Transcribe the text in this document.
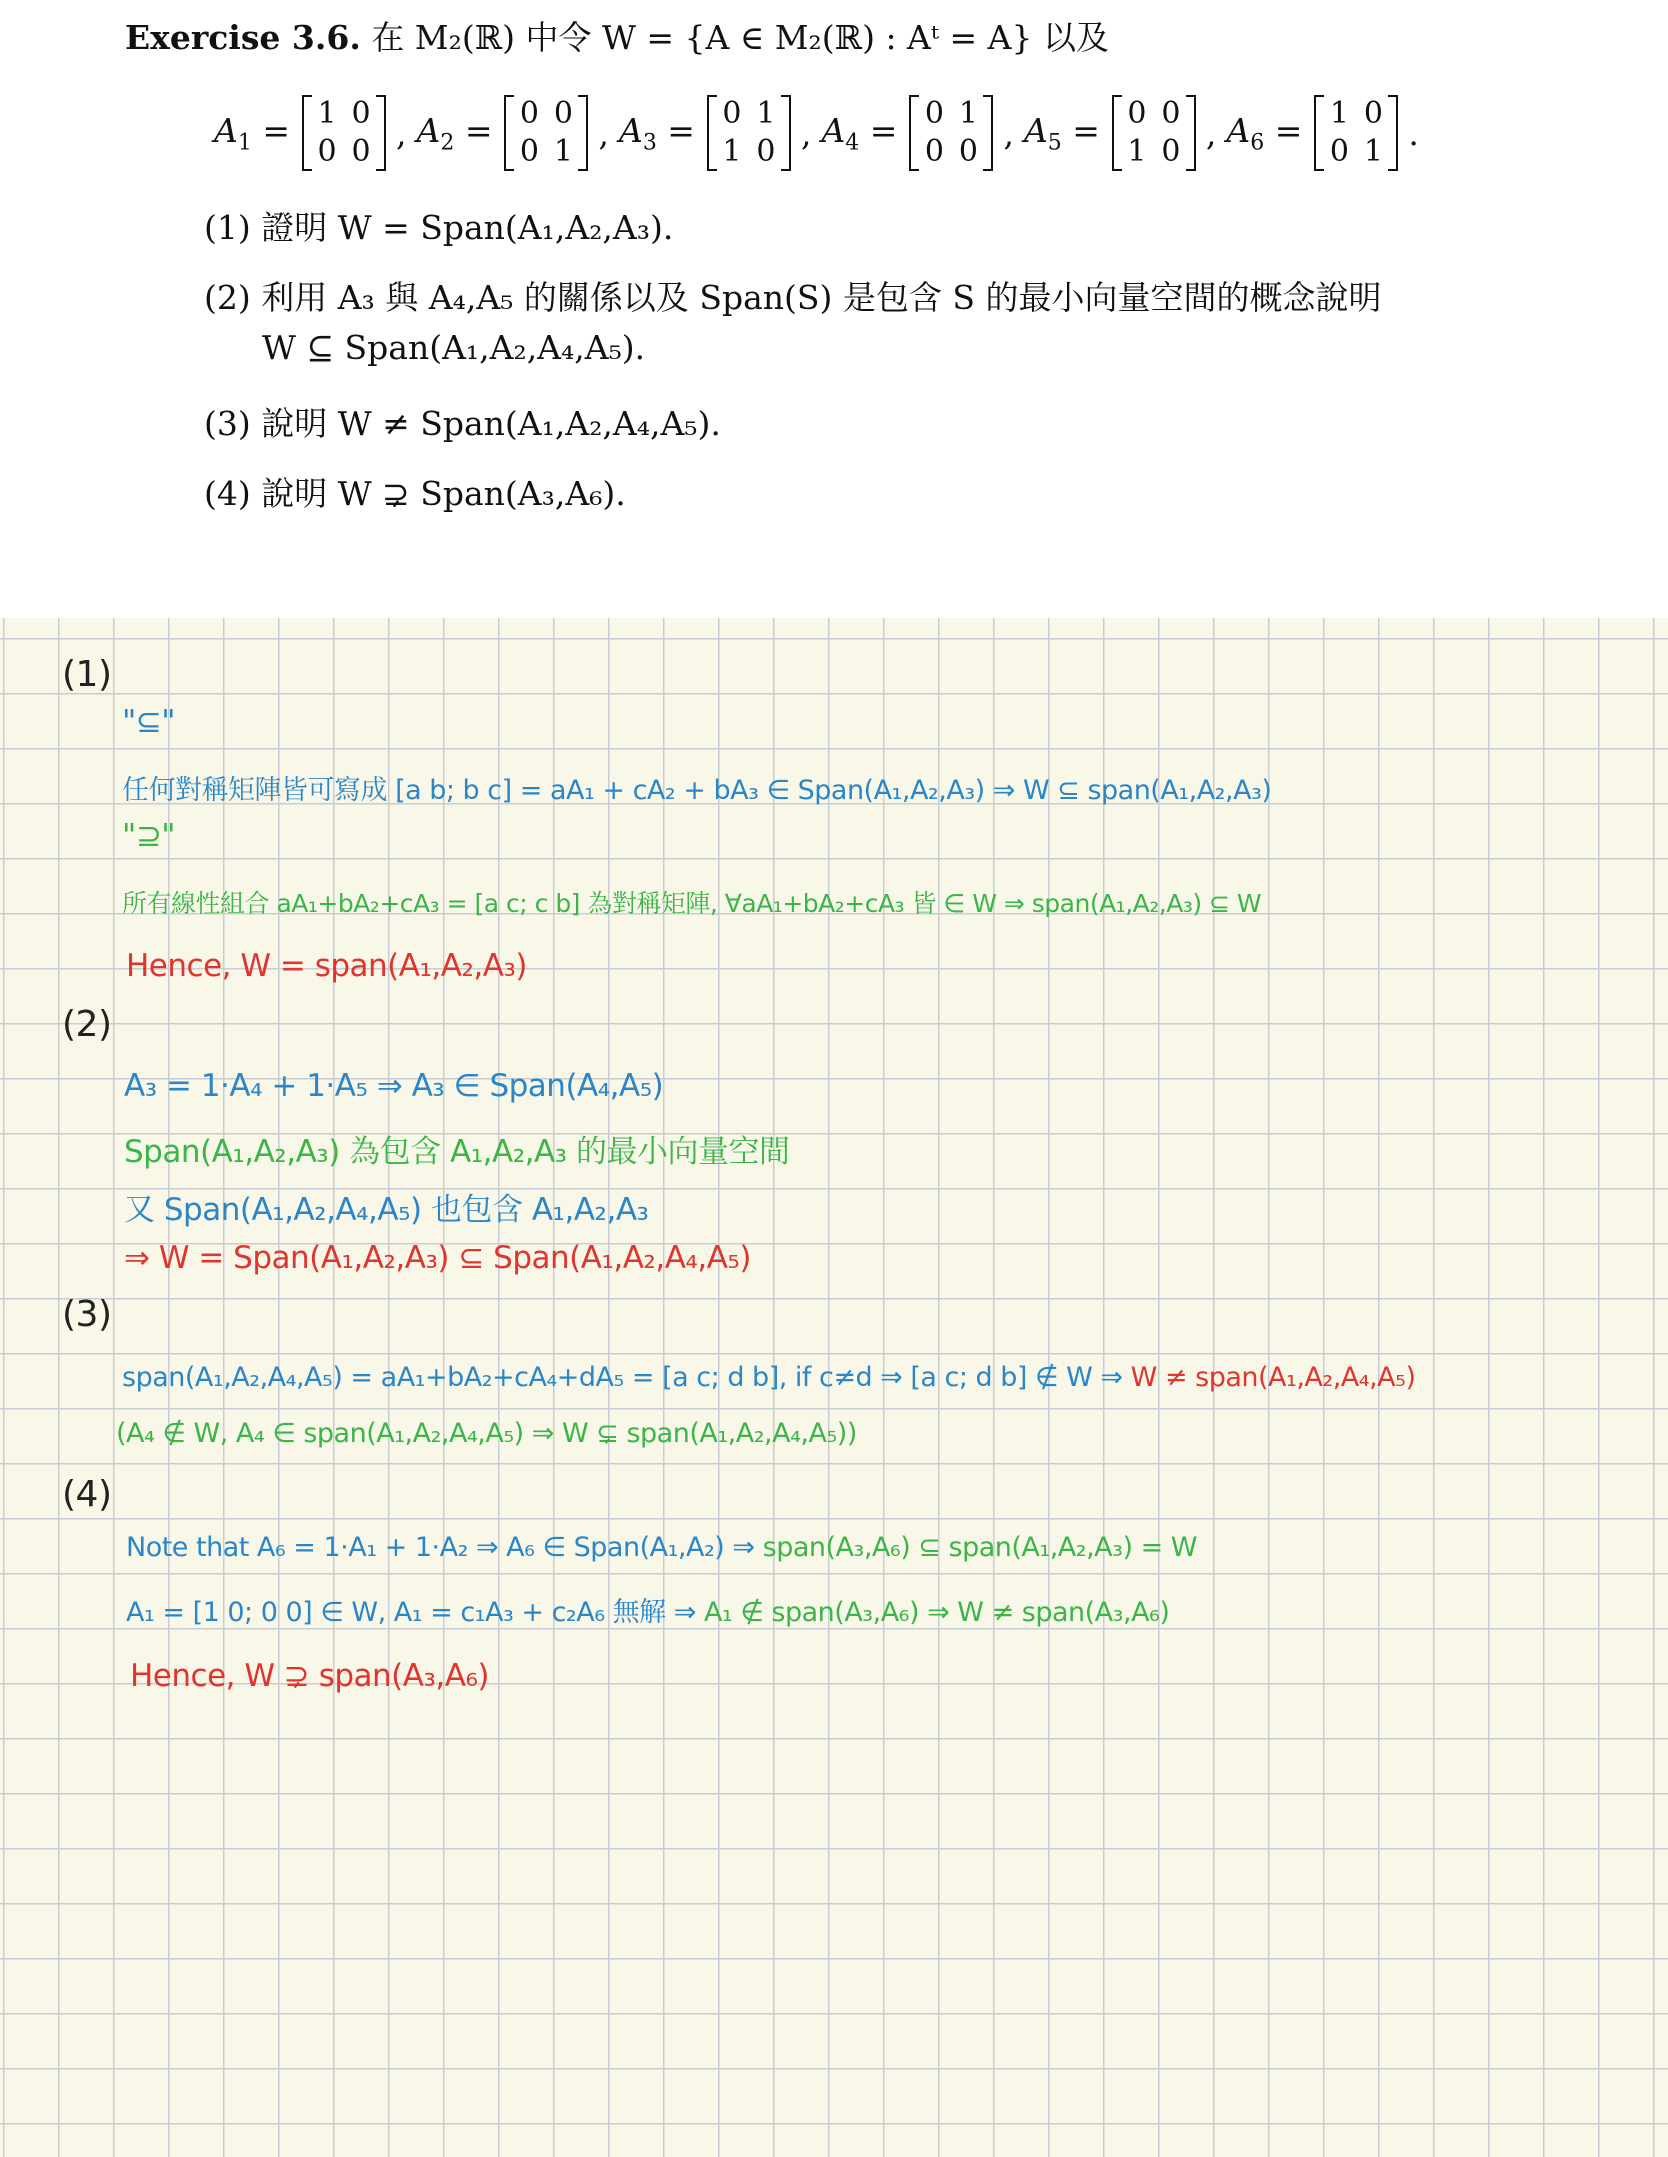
Exercise 3.6. 在 M₂(ℝ) 中令 W = {A ∈ M₂(ℝ) : Aᵗ = A} 以及
$A_1 = 1$ 0
0 0 , $A_2 = 0$ 0
0 1 , $A_3 = 0$ 1
1 0 , $A_4 = 0$ 1
0 0 , $A_5 = 0$ 0
1 0 , $A_6 = 1$ 0
0 1 .
(1) 證明 W = Span(A₁,A₂,A₃).
(2) 利用 A₃ 與 A₄,A₅ 的關係以及 Span(S) 是包含 S 的最小向量空間的概念說明
W ⊆ Span(A₁,A₂,A₄,A₅).
(3) 說明 W ≠ Span(A₁,A₂,A₄,A₅).
(4) 說明 W ⊋ Span(A₃,A₆).
(1)
"⊆"
任何對稱矩陣皆可寫成 [a b; b c] = aA₁ + cA₂ + bA₃ ∈ Span(A₁,A₂,A₃) ⇒ W ⊆ span(A₁,A₂,A₃)
"⊇"
所有線性組合 aA₁+bA₂+cA₃ = [a c; c b] 為對稱矩陣, ∀aA₁+bA₂+cA₃ 皆 ∈ W ⇒ span(A₁,A₂,A₃) ⊆ W
Hence, W = span(A₁,A₂,A₃)
(2)
A₃ = 1·A₄ + 1·A₅ ⇒ A₃ ∈ Span(A₄,A₅)
Span(A₁,A₂,A₃) 為包含 A₁,A₂,A₃ 的最小向量空間
又 Span(A₁,A₂,A₄,A₅) 也包含 A₁,A₂,A₃
⇒ W = Span(A₁,A₂,A₃) ⊆ Span(A₁,A₂,A₄,A₅)
(3)
span(A₁,A₂,A₄,A₅) = aA₁+bA₂+cA₄+dA₅ = [a c; d b], if c≠d ⇒ [a c; d b] ∉ W ⇒ W ≠ span(A₁,A₂,A₄,A₅)
(A₄ ∉ W, A₄ ∈ span(A₁,A₂,A₄,A₅) ⇒ W ⊊ span(A₁,A₂,A₄,A₅))
(4)
Note that A₆ = 1·A₁ + 1·A₂ ⇒ A₆ ∈ Span(A₁,A₂) ⇒ span(A₃,A₆) ⊆ span(A₁,A₂,A₃) = W
A₁ = [1 0; 0 0] ∈ W, A₁ = c₁A₃ + c₂A₆ 無解 ⇒ A₁ ∉ span(A₃,A₆) ⇒ W ≠ span(A₃,A₆)
Hence, W ⊋ span(A₃,A₆)
